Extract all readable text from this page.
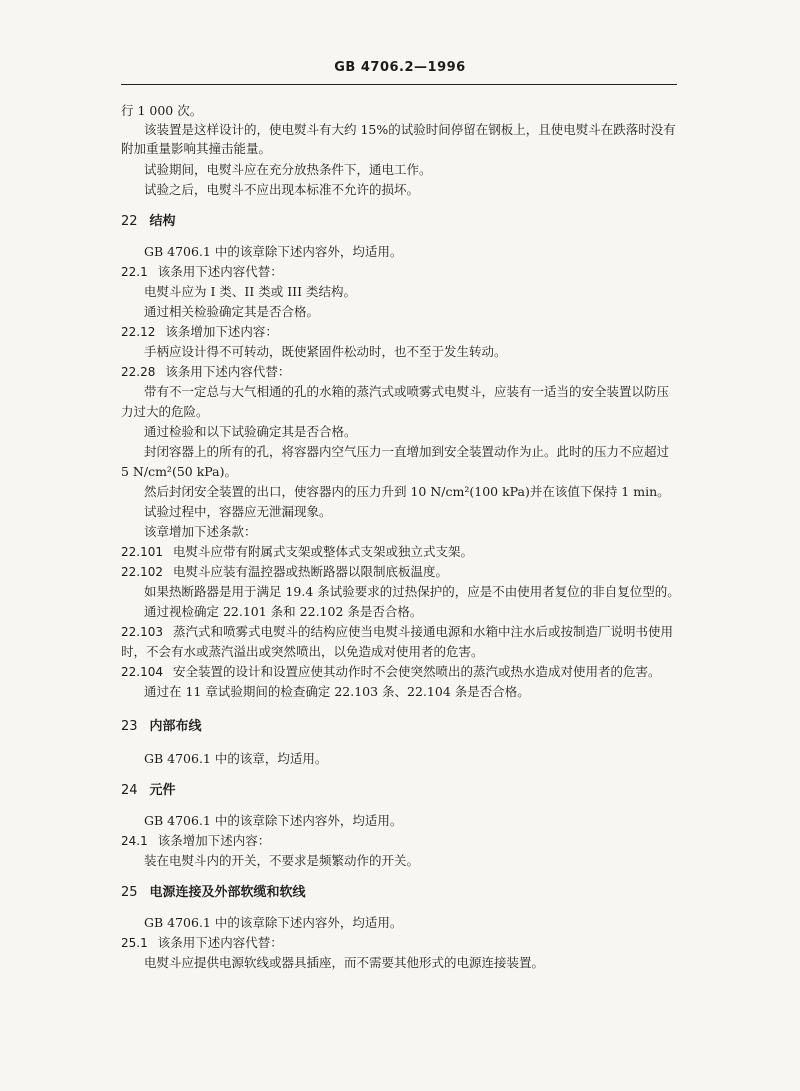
GB 4706.2—1996
行 1 000 次。
该装置是这样设计的，使电熨斗有大约 15%的试验时间停留在钢板上，且使电熨斗在跌落时没有
附加重量影响其撞击能量。
试验期间，电熨斗应在充分放热条件下，通电工作。
试验之后，电熨斗不应出现本标准不允许的损坏。
22 结构
GB 4706.1 中的该章除下述内容外，均适用。
22.1 该条用下述内容代替：
电熨斗应为 I 类、II 类或 III 类结构。
通过相关检验确定其是否合格。
22.12 该条增加下述内容：
手柄应设计得不可转动，既使紧固件松动时，也不至于发生转动。
22.28 该条用下述内容代替：
带有不一定总与大气相通的孔的水箱的蒸汽式或喷雾式电熨斗，应装有一适当的安全装置以防压
力过大的危险。
通过检验和以下试验确定其是否合格。
封闭容器上的所有的孔，将容器内空气压力一直增加到安全装置动作为止。此时的压力不应超过
5 N/cm²(50 kPa)。
然后封闭安全装置的出口，使容器内的压力升到 10 N/cm²(100 kPa)并在该值下保持 1 min。
试验过程中，容器应无泄漏现象。
该章增加下述条款：
22.101 电熨斗应带有附属式支架或整体式支架或独立式支架。
22.102 电熨斗应装有温控器或热断路器以限制底板温度。
如果热断路器是用于满足 19.4 条试验要求的过热保护的，应是不由使用者复位的非自复位型的。
通过视检确定 22.101 条和 22.102 条是否合格。
22.103 蒸汽式和喷雾式电熨斗的结构应使当电熨斗接通电源和水箱中注水后或按制造厂说明书使用
时，不会有水或蒸汽溢出或突然喷出，以免造成对使用者的危害。
22.104 安全装置的设计和设置应使其动作时不会使突然喷出的蒸汽或热水造成对使用者的危害。
通过在 11 章试验期间的检查确定 22.103 条、22.104 条是否合格。
23 内部布线
GB 4706.1 中的该章，均适用。
24 元件
GB 4706.1 中的该章除下述内容外，均适用。
24.1 该条增加下述内容：
装在电熨斗内的开关，不要求是频繁动作的开关。
25 电源连接及外部软缆和软线
GB 4706.1 中的该章除下述内容外，均适用。
25.1 该条用下述内容代替：
电熨斗应提供电源软线或器具插座，而不需要其他形式的电源连接装置。
